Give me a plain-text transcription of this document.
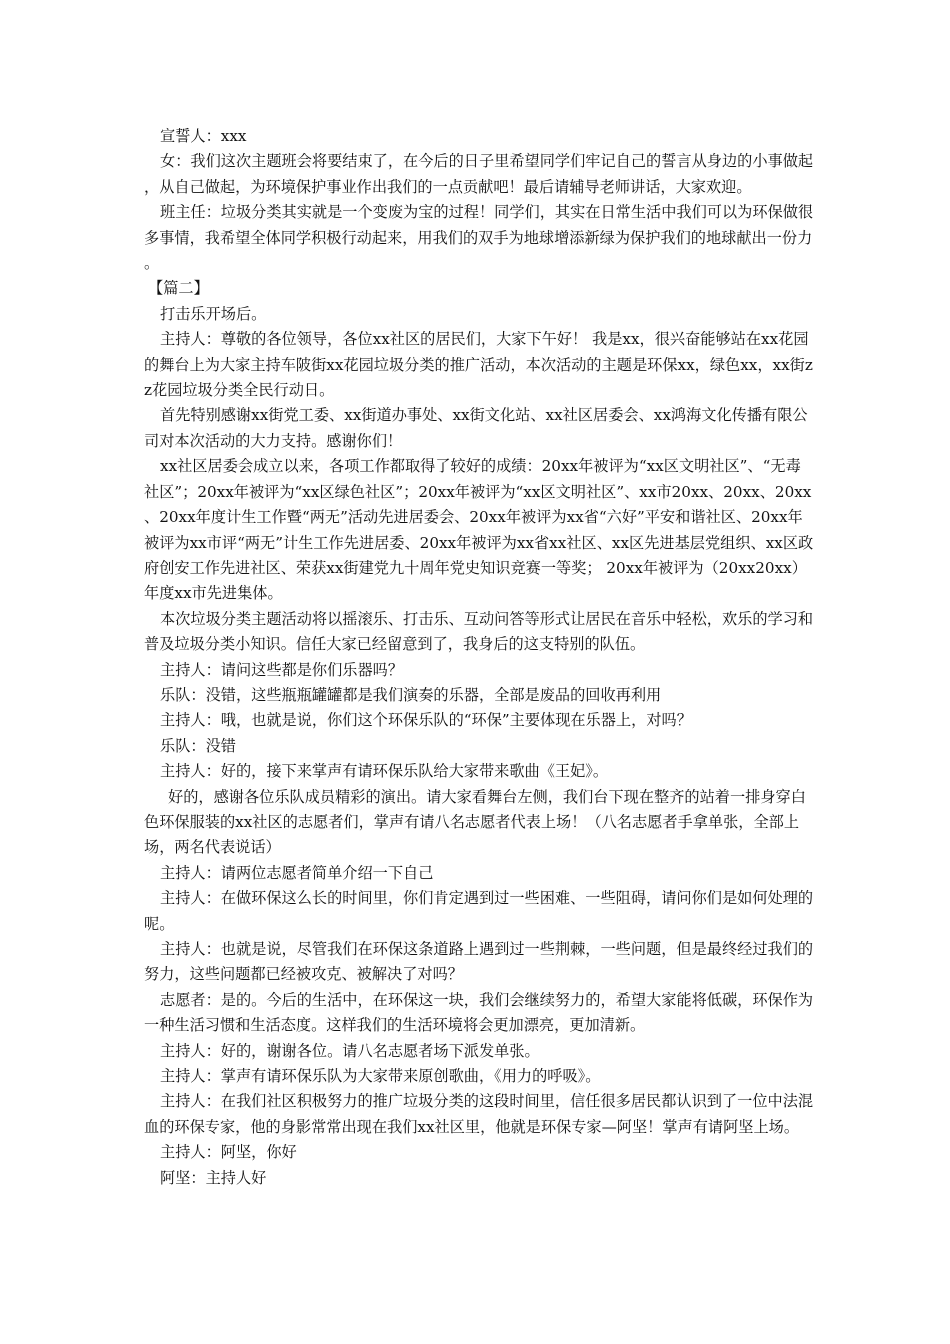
宣誓人：xxx

女：我们这次主题班会将要结束了，在今后的日子里希望同学们牢记自己的誓言从身边的小事做起，从自己做起，为环境保护事业作出我们的一点贡献吧！最后请辅导老师讲话，大家欢迎。

班主任：垃圾分类其实就是一个变废为宝的过程！同学们，其实在日常生活中我们可以为环保做很多事情，我希望全体同学积极行动起来，用我们的双手为地球增添新绿为保护我们的地球献出一份力。

【篇二】

打击乐开场后。

主持人：尊敬的各位领导，各位xx社区的居民们，大家下午好！ 我是xx，很兴奋能够站在xx花园的舞台上为大家主持车陂街xx花园垃圾分类的推广活动，本次活动的主题是环保xx，绿色xx，xx街zz花园垃圾分类全民行动日。

首先特别感谢xx街党工委、xx街道办事处、xx街文化站、xx社区居委会、xx鸿海文化传播有限公司对本次活动的大力支持。感谢你们！

xx社区居委会成立以来，各项工作都取得了较好的成绩：20xx年被评为“xx区文明社区”、“无毒社区”；20xx年被评为“xx区绿色社区”；20xx年被评为“xx区文明社区”、xx市20xx、20xx、20xx、20xx年度计生工作暨“两无”活动先进居委会、20xx年被评为xx省“六好”平安和谐社区、20xx年被评为xx市评“两无”计生工作先进居委、20xx年被评为xx省xx社区、xx区先进基层党组织、xx区政府创安工作先进社区、荣获xx街建党九十周年党史知识竞赛一等奖； 20xx年被评为（20xx20xx）年度xx市先进集体。

本次垃圾分类主题活动将以摇滚乐、打击乐、互动问答等形式让居民在音乐中轻松，欢乐的学习和普及垃圾分类小知识。信任大家已经留意到了，我身后的这支特别的队伍。

主持人：请问这些都是你们乐器吗？

乐队：没错，这些瓶瓶罐罐都是我们演奏的乐器，全部是废品的回收再利用

主持人：哦，也就是说，你们这个环保乐队的“环保”主要体现在乐器上，对吗？

乐队：没错

主持人：好的，接下来掌声有请环保乐队给大家带来歌曲《王妃》。

好的，感谢各位乐队成员精彩的演出。请大家看舞台左侧，我们台下现在整齐的站着一排身穿白色环保服装的xx社区的志愿者们，掌声有请八名志愿者代表上场！（八名志愿者手拿单张，全部上场，两名代表说话）

主持人：请两位志愿者简单介绍一下自己

主持人：在做环保这么长的时间里，你们肯定遇到过一些困难、一些阻碍，请问你们是如何处理的呢。

主持人：也就是说，尽管我们在环保这条道路上遇到过一些荆棘，一些问题，但是最终经过我们的努力，这些问题都已经被攻克、被解决了对吗？

志愿者：是的。今后的生活中，在环保这一块，我们会继续努力的，希望大家能将低碳，环保作为一种生活习惯和生活态度。这样我们的生活环境将会更加漂亮，更加清新。

主持人：好的，谢谢各位。请八名志愿者场下派发单张。

主持人：掌声有请环保乐队为大家带来原创歌曲，《用力的呼吸》。

主持人：在我们社区积极努力的推广垃圾分类的这段时间里，信任很多居民都认识到了一位中法混血的环保专家，他的身影常常出现在我们xx社区里，他就是环保专家—阿坚！掌声有请阿坚上场。

主持人：阿坚，你好

阿坚：主持人好
